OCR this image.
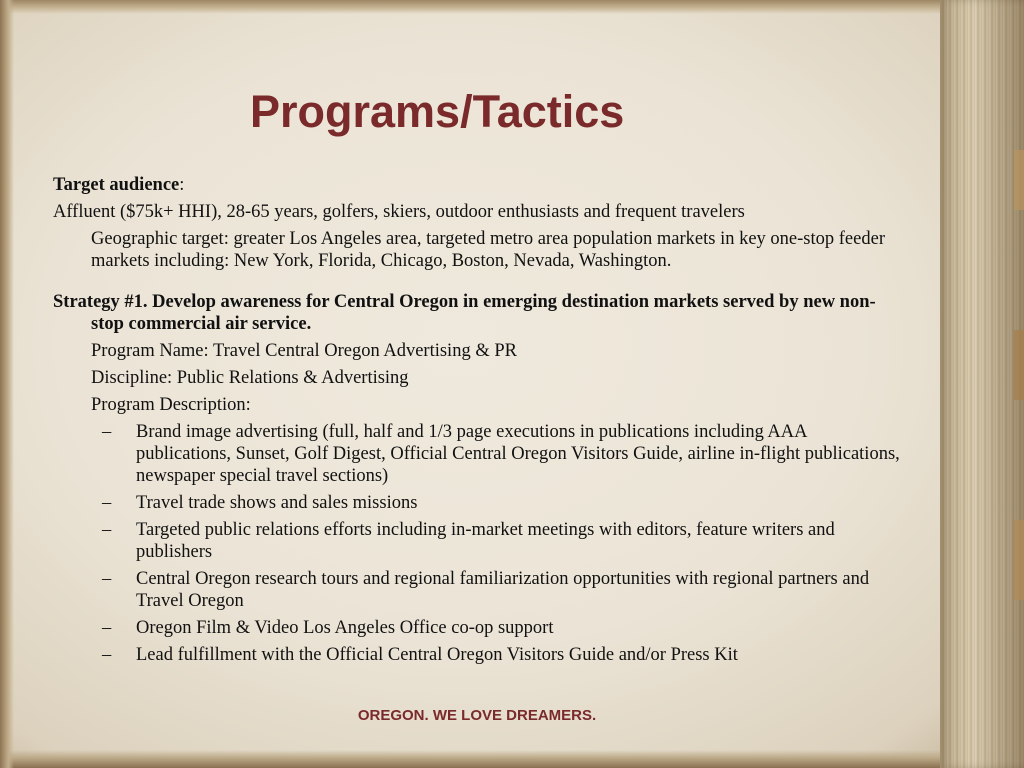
Programs/Tactics

Target audience:

Affluent ($75k+ HHI), 28-65 years, golfers, skiers, outdoor enthusiasts and frequent travelers

Geographic target: greater Los Angeles area, targeted metro area population markets in key one-stop feeder markets including: New York, Florida, Chicago, Boston, Nevada, Washington.

Strategy #1. Develop awareness for Central Oregon in emerging destination markets served by new non-stop commercial air service.

Program Name: Travel Central Oregon Advertising & PR

Discipline: Public Relations & Advertising

Program Description:

– Brand image advertising (full, half and 1/3 page executions in publications including AAA publications, Sunset, Golf Digest, Official Central Oregon Visitors Guide, airline in-flight publications, newspaper special travel sections)

– Travel trade shows and sales missions

– Targeted public relations efforts including in-market meetings with editors, feature writers and publishers

– Central Oregon research tours and regional familiarization opportunities with regional partners and Travel Oregon

– Oregon Film & Video Los Angeles Office co-op support

– Lead fulfillment with the Official Central Oregon Visitors Guide and/or Press Kit

OREGON. WE LOVE DREAMERS.
